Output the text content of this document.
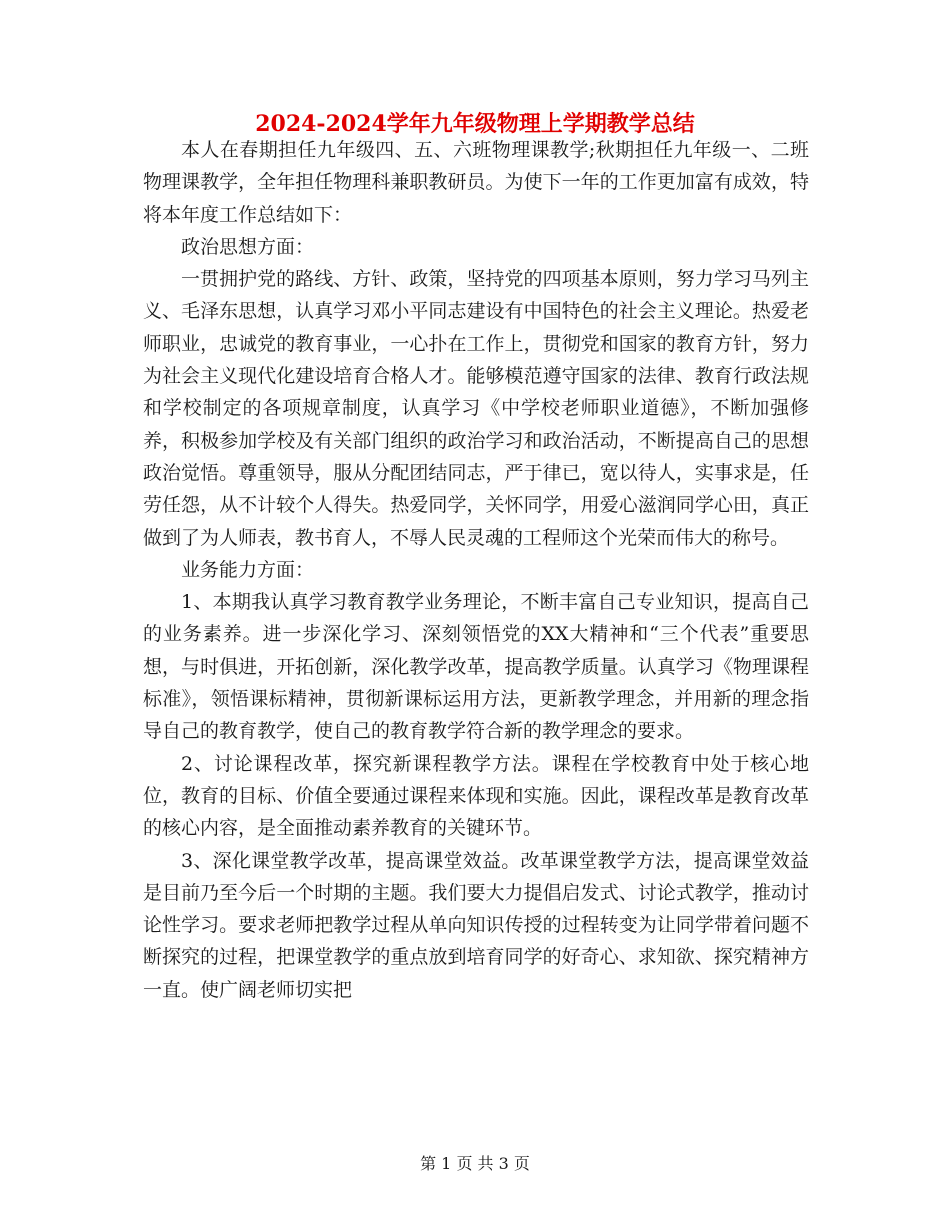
2024-2024学年九年级物理上学期教学总结

本人在春期担任九年级四、五、六班物理课教学;秋期担任九年级一、二班物理课教学，全年担任物理科兼职教研员。为使下一年的工作更加富有成效，特将本年度工作总结如下：

政治思想方面：

一贯拥护党的路线、方针、政策，坚持党的四项基本原则，努力学习马列主义、毛泽东思想，认真学习邓小平同志建设有中国特色的社会主义理论。热爱老师职业，忠诚党的教育事业，一心扑在工作上，贯彻党和国家的教育方针，努力为社会主义现代化建设培育合格人才。能够模范遵守国家的法律、教育行政法规和学校制定的各项规章制度，认真学习《中学校老师职业道德》，不断加强修养，积极参加学校及有关部门组织的政治学习和政治活动，不断提高自己的思想政治觉悟。尊重领导，服从分配团结同志，严于律已，宽以待人，实事求是，任劳任怨，从不计较个人得失。热爱同学，关怀同学，用爱心滋润同学心田，真正做到了为人师表，教书育人，不辱人民灵魂的工程师这个光荣而伟大的称号。

业务能力方面：

1、本期我认真学习教育教学业务理论，不断丰富自己专业知识，提高自己的业务素养。进一步深化学习、深刻领悟党的XX大精神和“三个代表”重要思想，与时俱进，开拓创新，深化教学改革，提高教学质量。认真学习《物理课程标准》，领悟课标精神，贯彻新课标运用方法，更新教学理念，并用新的理念指导自己的教育教学，使自己的教育教学符合新的教学理念的要求。

2、讨论课程改革，探究新课程教学方法。课程在学校教育中处于核心地位，教育的目标、价值全要通过课程来体现和实施。因此，课程改革是教育改革的核心内容，是全面推动素养教育的关键环节。

3、深化课堂教学改革，提高课堂效益。改革课堂教学方法，提高课堂效益是目前乃至今后一个时期的主题。我们要大力提倡启发式、讨论式教学，推动讨论性学习。要求老师把教学过程从单向知识传授的过程转变为让同学带着问题不断探究的过程，把课堂教学的重点放到培育同学的好奇心、求知欲、探究精神方一直。使广阔老师切实把

第 1 页 共 3 页
